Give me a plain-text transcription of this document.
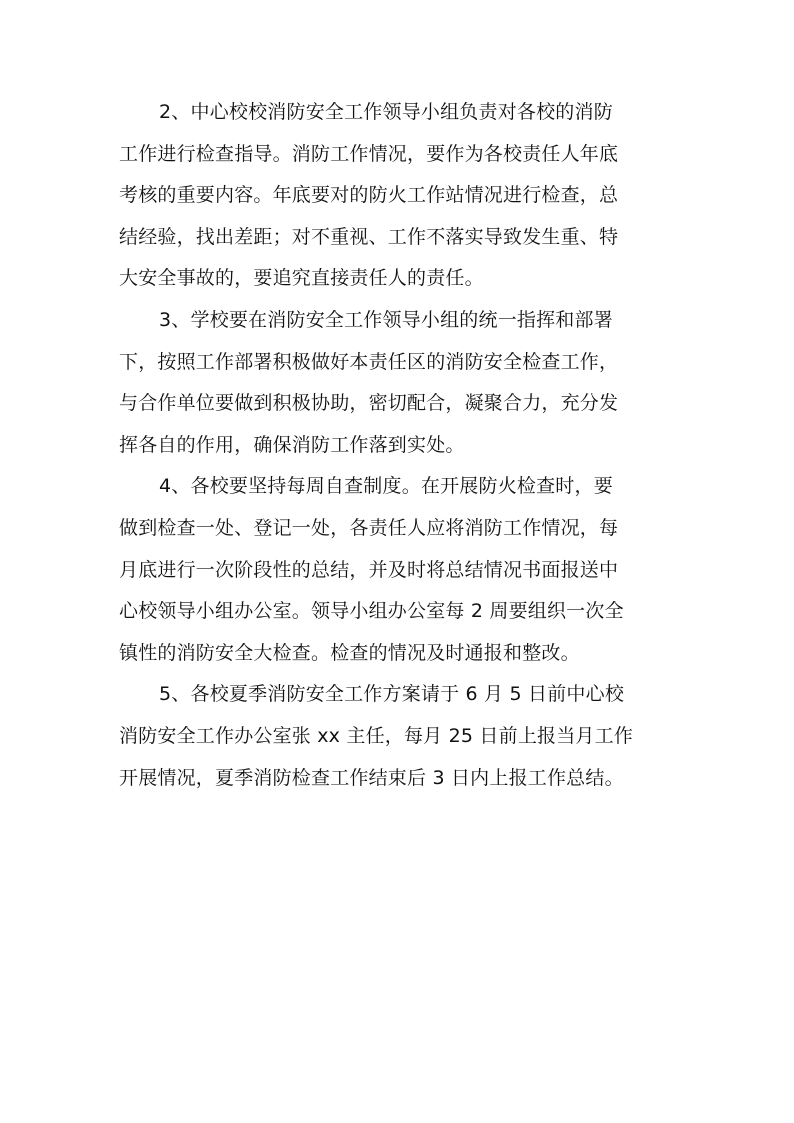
2、中心校校消防安全工作领导小组负责对各校的消防
工作进行检查指导。消防工作情况，要作为各校责任人年底
考核的重要内容。年底要对的防火工作站情况进行检查，总
结经验，找出差距；对不重视、工作不落实导致发生重、特
大安全事故的，要追究直接责任人的责任。
3、学校要在消防安全工作领导小组的统一指挥和部署
下，按照工作部署积极做好本责任区的消防安全检查工作，
与合作单位要做到积极协助，密切配合，凝聚合力，充分发
挥各自的作用，确保消防工作落到实处。
4、各校要坚持每周自查制度。在开展防火检查时，要
做到检查一处、登记一处，各责任人应将消防工作情况，每
月底进行一次阶段性的总结，并及时将总结情况书面报送中
心校领导小组办公室。领导小组办公室每 2 周要组织一次全
镇性的消防安全大检查。检查的情况及时通报和整改。
5、各校夏季消防安全工作方案请于 6 月 5 日前中心校
消防安全工作办公室张 xx 主任，每月 25 日前上报当月工作
开展情况，夏季消防检查工作结束后 3 日内上报工作总结。
